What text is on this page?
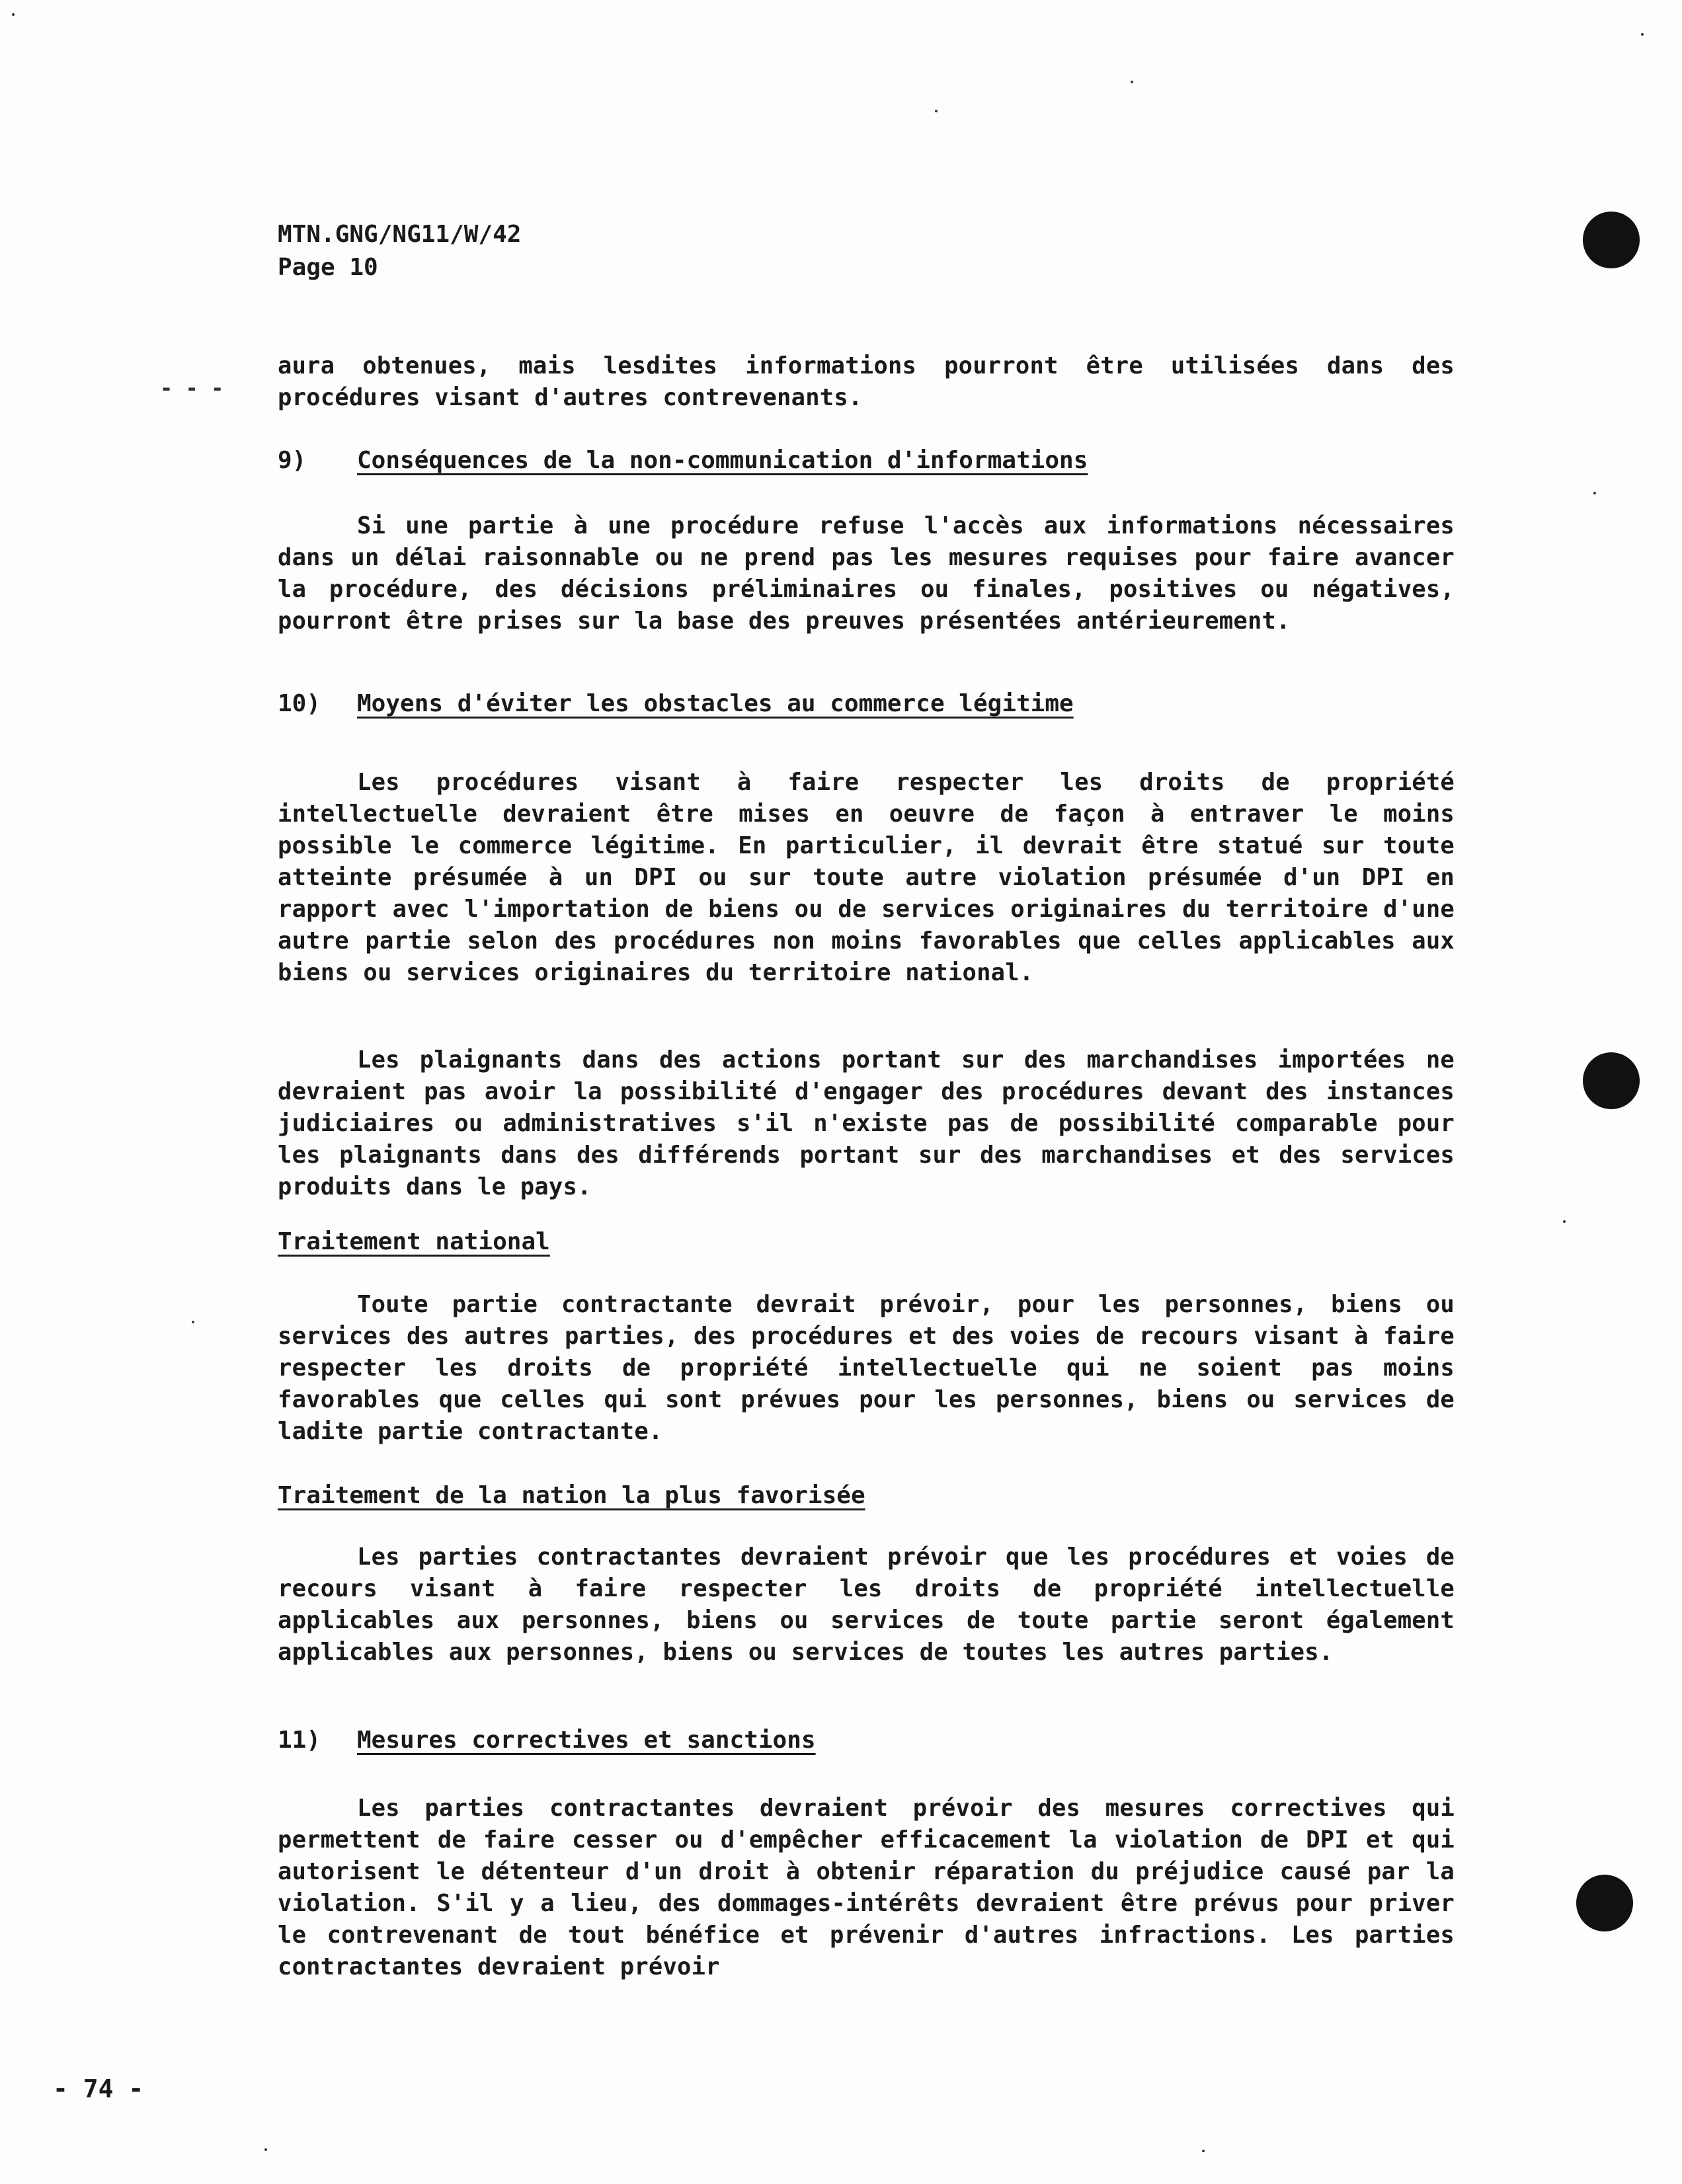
MTN.GNG/NG11/W/42
Page 10
- - -

aura obtenues, mais lesdites informations pourront être utilisées dans des procédures visant d'autres contrevenants.

9) Conséquences de la non-communication d'informations

Si une partie à une procédure refuse l'accès aux informations nécessaires dans un délai raisonnable ou ne prend pas les mesures requises pour faire avancer la procédure, des décisions préliminaires ou finales, positives ou négatives, pourront être prises sur la base des preuves présentées antérieurement.

10) Moyens d'éviter les obstacles au commerce légitime

Les procédures visant à faire respecter les droits de propriété intellectuelle devraient être mises en oeuvre de façon à entraver le moins possible le commerce légitime. En particulier, il devrait être statué sur toute atteinte présumée à un DPI ou sur toute autre violation présumée d'un DPI en rapport avec l'importation de biens ou de services originaires du territoire d'une autre partie selon des procédures non moins favorables que celles applicables aux biens ou services originaires du territoire national.

Les plaignants dans des actions portant sur des marchandises importées ne devraient pas avoir la possibilité d'engager des procédures devant des instances judiciaires ou administratives s'il n'existe pas de possibilité comparable pour les plaignants dans des différends portant sur des marchandises et des services produits dans le pays.

Traitement national

Toute partie contractante devrait prévoir, pour les personnes, biens ou services des autres parties, des procédures et des voies de recours visant à faire respecter les droits de propriété intellectuelle qui ne soient pas moins favorables que celles qui sont prévues pour les personnes, biens ou services de ladite partie contractante.

Traitement de la nation la plus favorisée

Les parties contractantes devraient prévoir que les procédures et voies de recours visant à faire respecter les droits de propriété intellectuelle applicables aux personnes, biens ou services de toute partie seront également applicables aux personnes, biens ou services de toutes les autres parties.

11) Mesures correctives et sanctions

Les parties contractantes devraient prévoir des mesures correctives qui permettent de faire cesser ou d'empêcher efficacement la violation de DPI et qui autorisent le détenteur d'un droit à obtenir réparation du préjudice causé par la violation. S'il y a lieu, des dommages-intérêts devraient être prévus pour priver le contrevenant de tout bénéfice et prévenir d'autres infractions. Les parties contractantes devraient prévoir

- 74 -
